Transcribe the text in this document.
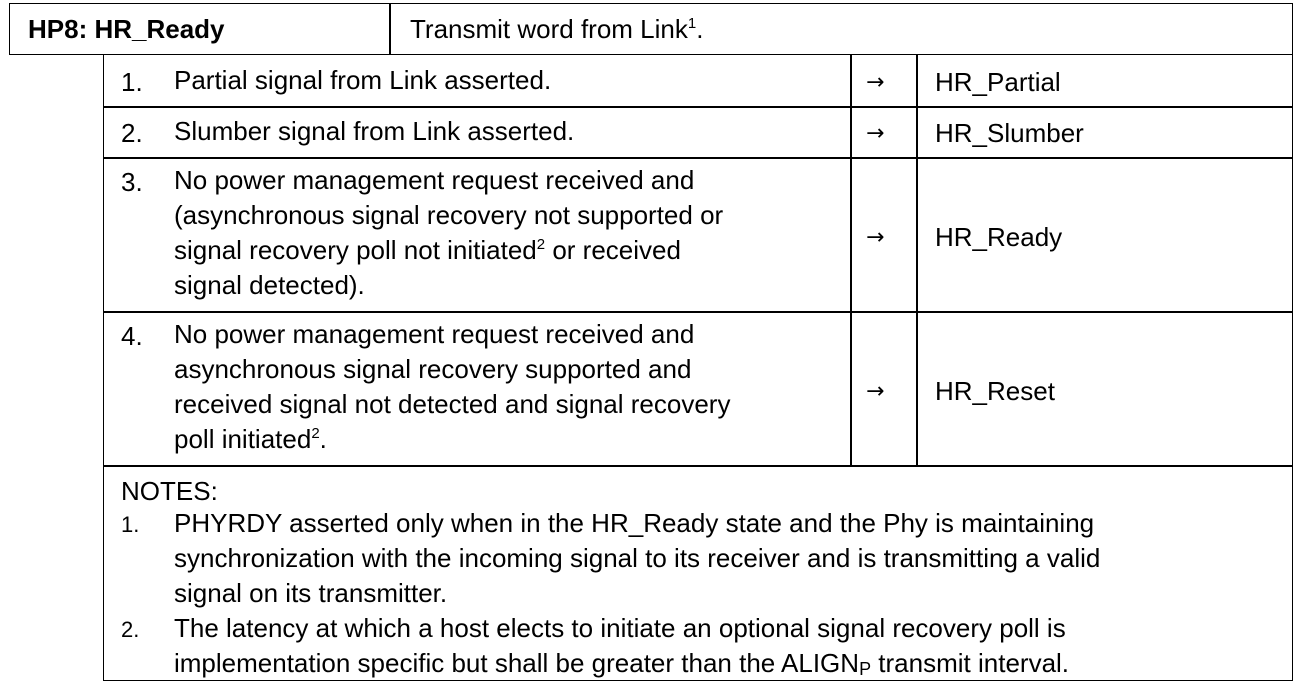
HP8: HR_Ready	Transmit word from Link$^1$.
1. Partial signal from Link asserted.	→ HR_Partial
2. Slumber signal from Link asserted.	→ HR_Slumber
3. No power management request received and
(asynchronous signal recovery not supported or
signal recovery poll not initiated$^2$ or received
signal detected).
→ HR_Ready
4. No power management request received and
asynchronous signal recovery supported and
received signal not detected and signal recovery
poll initiated$^2$.
→ HR_Reset
NOTES:
1. PHYRDY asserted only when in the HR_Ready state and the Phy is maintaining
synchronization with the incoming signal to its receiver and is transmitting a valid
signal on its transmitter.
2. The latency at which a host elects to initiate an optional signal recovery poll is
implementation specific but shall be greater than the $ALIGN_P$ transmit interval.
